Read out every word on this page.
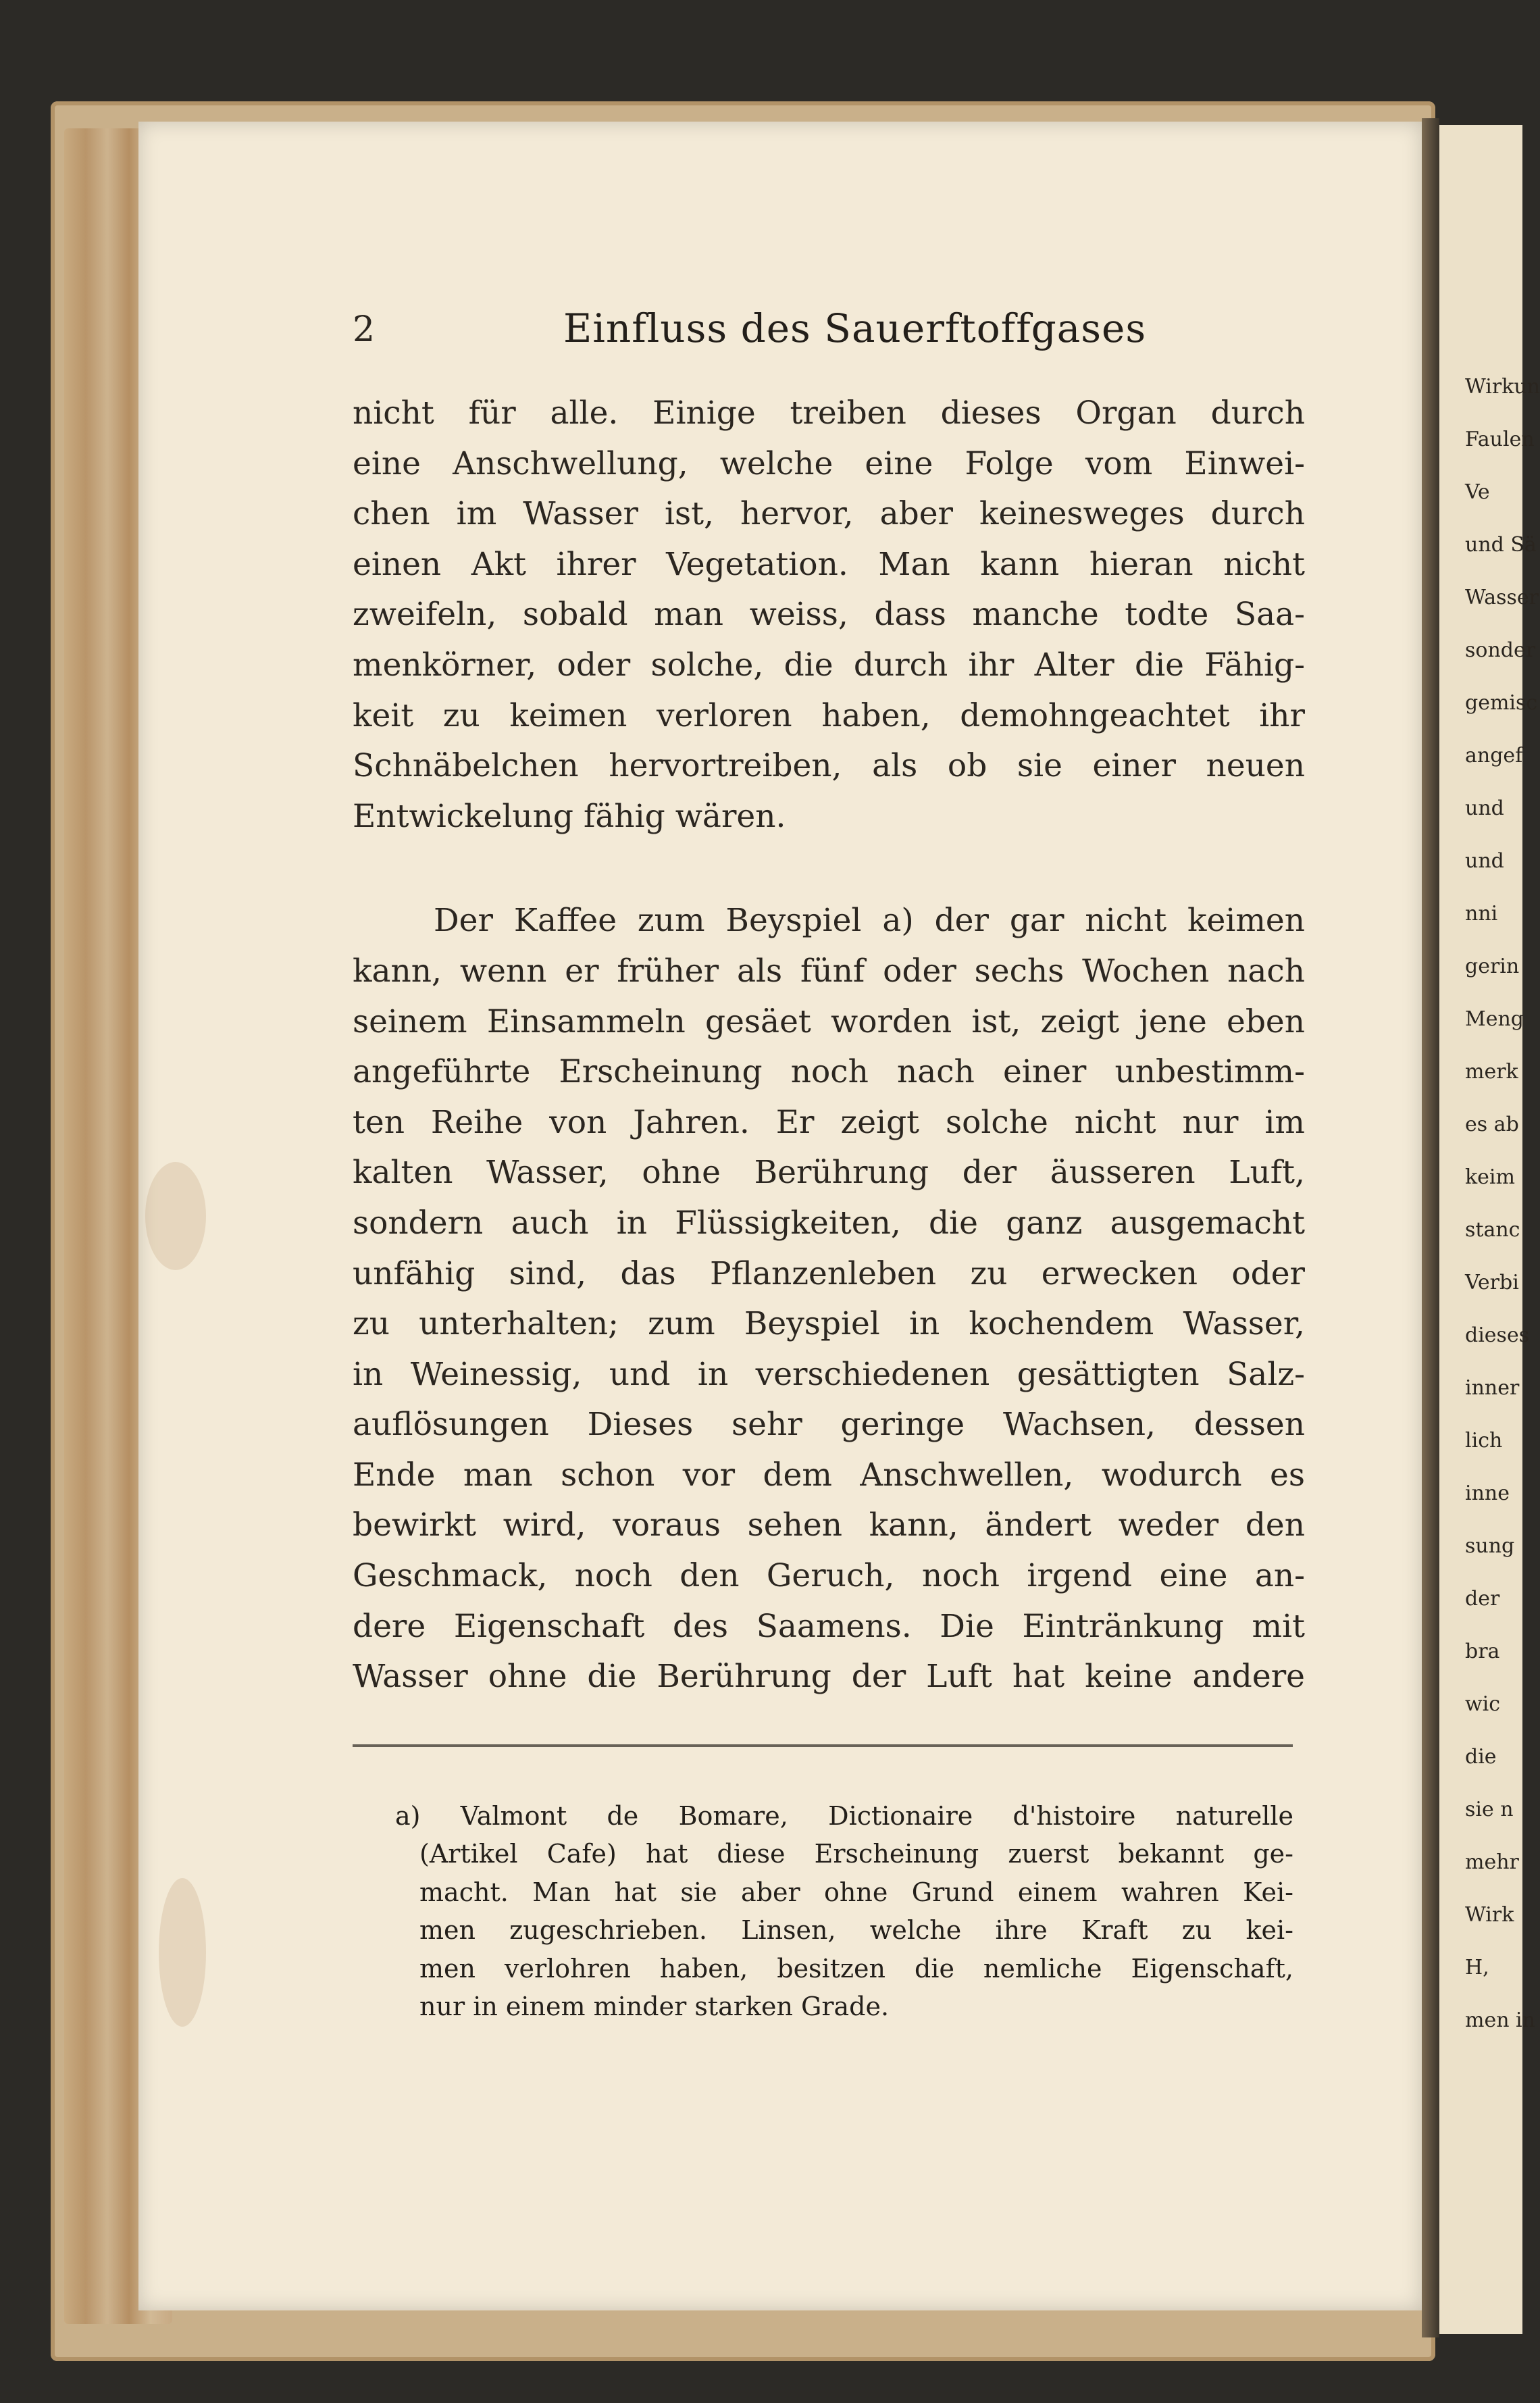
Wirkun
Faulen
Ve
und Sä
Wasser
sonder
gemisc
angef
und
und
nni
gerin
Meng
merk
es ab
keim
stanc
Verbi
dieses
inner
lich
inne
sung
der
bra
wic
die
sie n
mehr
Wirk
H,
men in
2	Einfluss des Sauerftoffgases
nicht für alle. Einige treiben dieses Organ durch
eine Anschwellung, welche eine Folge vom Einwei-
chen im Wasser ist, hervor, aber keinesweges durch
einen Akt ihrer Vegetation. Man kann hieran nicht
zweifeln, sobald man weiss, dass manche todte Saa-
menkörner, oder solche, die durch ihr Alter die Fähig-
keit zu keimen verloren haben, demohngeachtet ihr
Schnäbelchen hervortreiben, als ob sie einer neuen
Entwickelung fähig wären.
Der Kaffee zum Beyspiel a) der gar nicht keimen
kann, wenn er früher als fünf oder sechs Wochen nach
seinem Einsammeln gesäet worden ist, zeigt jene eben
angeführte Erscheinung noch nach einer unbestimm-
ten Reihe von Jahren. Er zeigt solche nicht nur im
kalten Wasser, ohne Berührung der äusseren Luft,
sondern auch in Flüssigkeiten, die ganz ausgemacht
unfähig sind, das Pflanzenleben zu erwecken oder
zu unterhalten; zum Beyspiel in kochendem Wasser,
in Weinessig, und in verschiedenen gesättigten Salz-
auflösungen Dieses sehr geringe Wachsen, dessen
Ende man schon vor dem Anschwellen, wodurch es
bewirkt wird, voraus sehen kann, ändert weder den
Geschmack, noch den Geruch, noch irgend eine an-
dere Eigenschaft des Saamens. Die Eintränkung mit
Wasser ohne die Berührung der Luft hat keine andere
a) Valmont de Bomare, Dictionaire d'histoire naturelle
(Artikel Cafe) hat diese Erscheinung zuerst bekannt ge-
macht. Man hat sie aber ohne Grund einem wahren Kei-
men zugeschrieben. Linsen, welche ihre Kraft zu kei-
men verlohren haben, besitzen die nemliche Eigenschaft,
nur in einem minder starken Grade.
